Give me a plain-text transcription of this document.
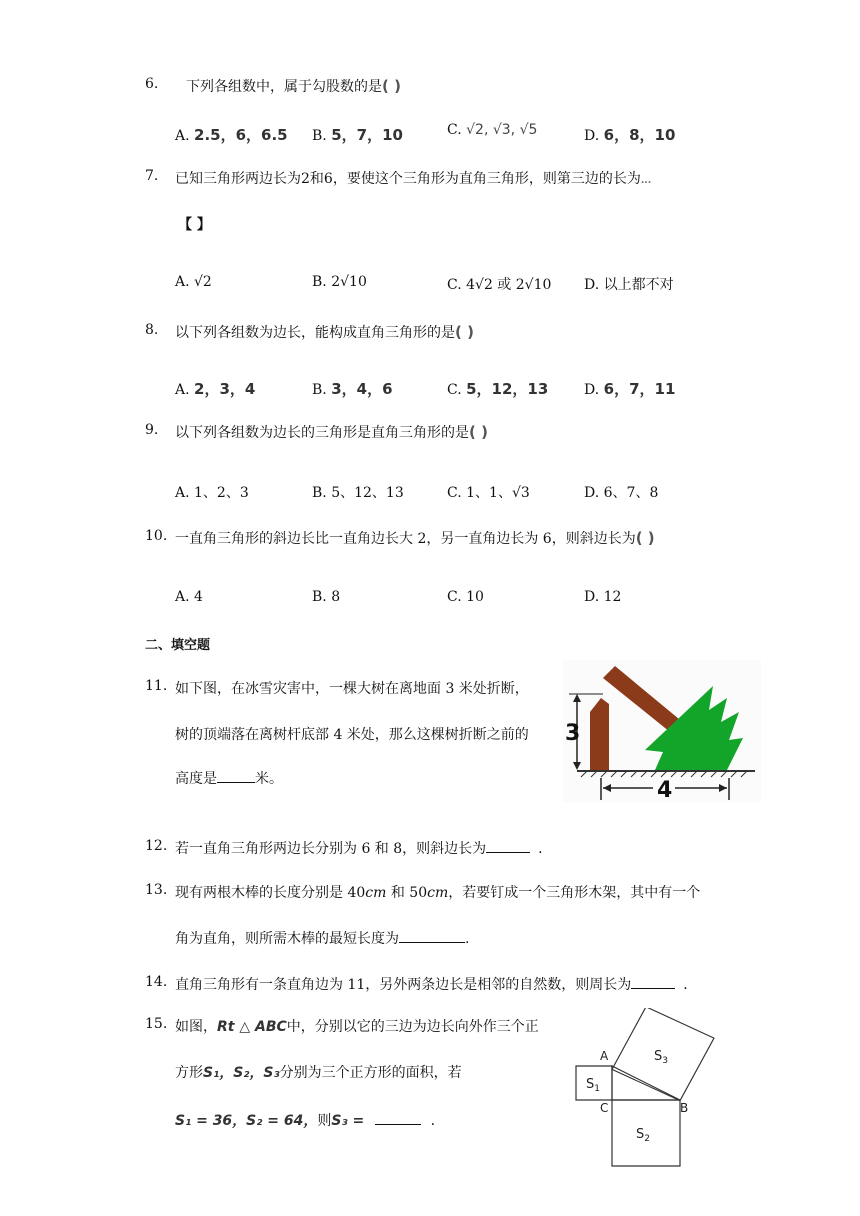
6. 下列各组数中，属于勾股数的是( )
A. 2.5，6，6.5 B. 5，7，10	C. √2, √3, √5	D. 6，8，10
7. 已知三角形两边长为2和6，要使这个三角形为直角三角形，则第三边的长为...
【 】
A. √2	B. 2√10	C. 4√2 或 2√10 D. 以上都不对
8. 以下列各组数为边长，能构成直角三角形的是( )
A. 2，3，4	B. 3，4，6	C. 5，12，13	D. 6，7，11
9. 以下列各组数为边长的三角形是直角三角形的是( )
A. 1、2、3	B. 5、12、13	C. 1、1、√3	D. 6、7、8
10. 一直角三角形的斜边长比一直角边长大 2，另一直角边长为 6，则斜边长为( )
A. 4	B. 8	C. 10	D. 12
二、填空题
11. 如下图，在冰雪灾害中，一棵大树在离地面 3 米处折断，
树的顶端落在离树杆底部 4 米处，那么这棵树折断之前的
高度是	米。
3
4
12. 若一直角三角形两边长分别为 6 和 8，则斜边长为	.
13. 现有两根木棒的长度分别是 40cm 和 50cm，若要钉成一个三角形木架，其中有一个
角为直角，则所需木棒的最短长度为	.
14. 直角三角形有一条直角边为 11，另外两条边长是相邻的自然数，则周长为	.
15. 如图，Rt △ ABC中，分别以它的三边为边长向外作三个正
方形S₁，S₂，S₃分别为三个正方形的面积，若
S₁ = 36，S₂ = 64，则S₃ =	.
A
C	B
$S_1$
$S_2$
$S_3$
